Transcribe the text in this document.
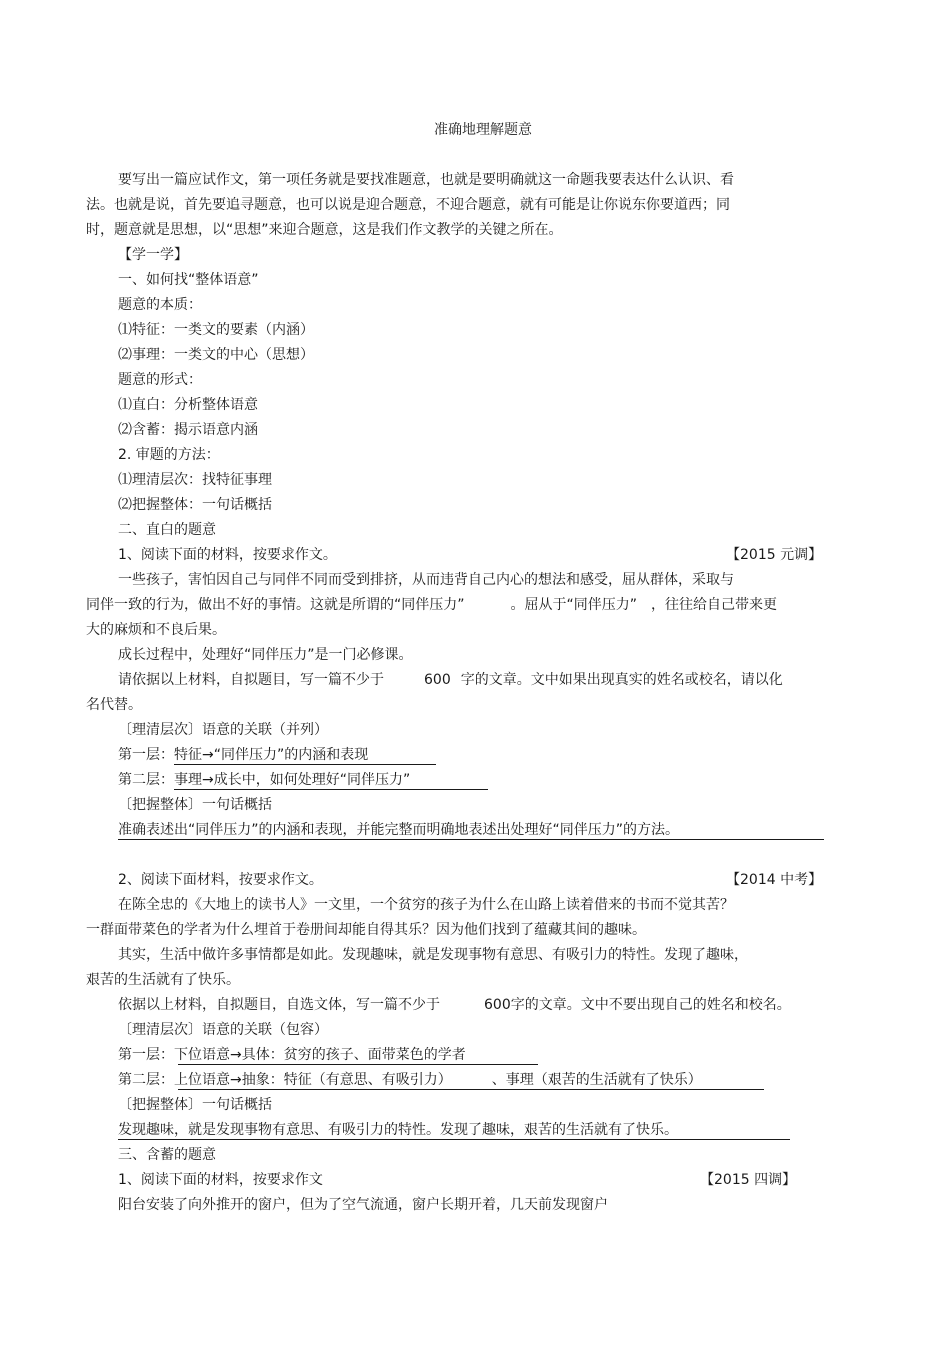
准确地理解题意
要写出一篇应试作文，第一项任务就是要找准题意，也就是要明确就这一命题我要表达什么认识、看
法。也就是说，首先要追寻题意，也可以说是迎合题意，不迎合题意，就有可能是让你说东你要道西；同
时，题意就是思想，以“思想”来迎合题意，这是我们作文教学的关键之所在。
【学一学】
一、如何找“整体语意”
题意的本质：
⑴特征：一类文的要素（内涵）
⑵事理：一类文的中心（思想）
题意的形式：
⑴直白：分析整体语意
⑵含蓄：揭示语意内涵
2. 审题的方法：
⑴理清层次：找特征事理
⑵把握整体：一句话概括
二、直白的题意
1、阅读下面的材料，按要求作文。	【2015 元调】
一些孩子，害怕因自己与同伴不同而受到排挤，从而违背自己内心的想法和感受，屈从群体，采取与
同伴一致的行为，做出不好的事情。这就是所谓的“同伴压力”	。屈从于“同伴压力” ，往往给自己带来更
大的麻烦和不良后果。
成长过程中，处理好“同伴压力”是一门必修课。
请依据以上材料，自拟题目，写一篇不少于	600 字的文章。文中如果出现真实的姓名或校名，请以化
名代替。
〔理清层次〕语意的关联（并列）
第一层：特征→“同伴压力”的内涵和表现
第二层：事理→成长中，如何处理好“同伴压力”
〔把握整体〕一句话概括
准确表述出“同伴压力”的内涵和表现，并能完整而明确地表述出处理好“同伴压力”的方法。
2、阅读下面材料，按要求作文。	【2014 中考】
在陈全忠的《大地上的读书人》一文里，一个贫穷的孩子为什么在山路上读着借来的书而不觉其苦？
一群面带菜色的学者为什么埋首于卷册间却能自得其乐？因为他们找到了蕴藏其间的趣味。
其实，生活中做许多事情都是如此。发现趣味，就是发现事物有意思、有吸引力的特性。发现了趣味，
艰苦的生活就有了快乐。
依据以上材料，自拟题目，自选文体，写一篇不少于	600字的文章。文中不要出现自己的姓名和校名。
〔理清层次〕语意的关联（包容）
第一层：下位语意→具体：贫穷的孩子、面带菜色的学者
第二层：上位语意→抽象：特征（有意思、有吸引力）	、事理（艰苦的生活就有了快乐）
〔把握整体〕一句话概括
发现趣味，就是发现事物有意思、有吸引力的特性。发现了趣味，艰苦的生活就有了快乐。
三、含蓄的题意
1、阅读下面的材料，按要求作文	【2015 四调】
阳台安装了向外推开的窗户，但为了空气流通，窗户长期开着，几天前发现窗户
